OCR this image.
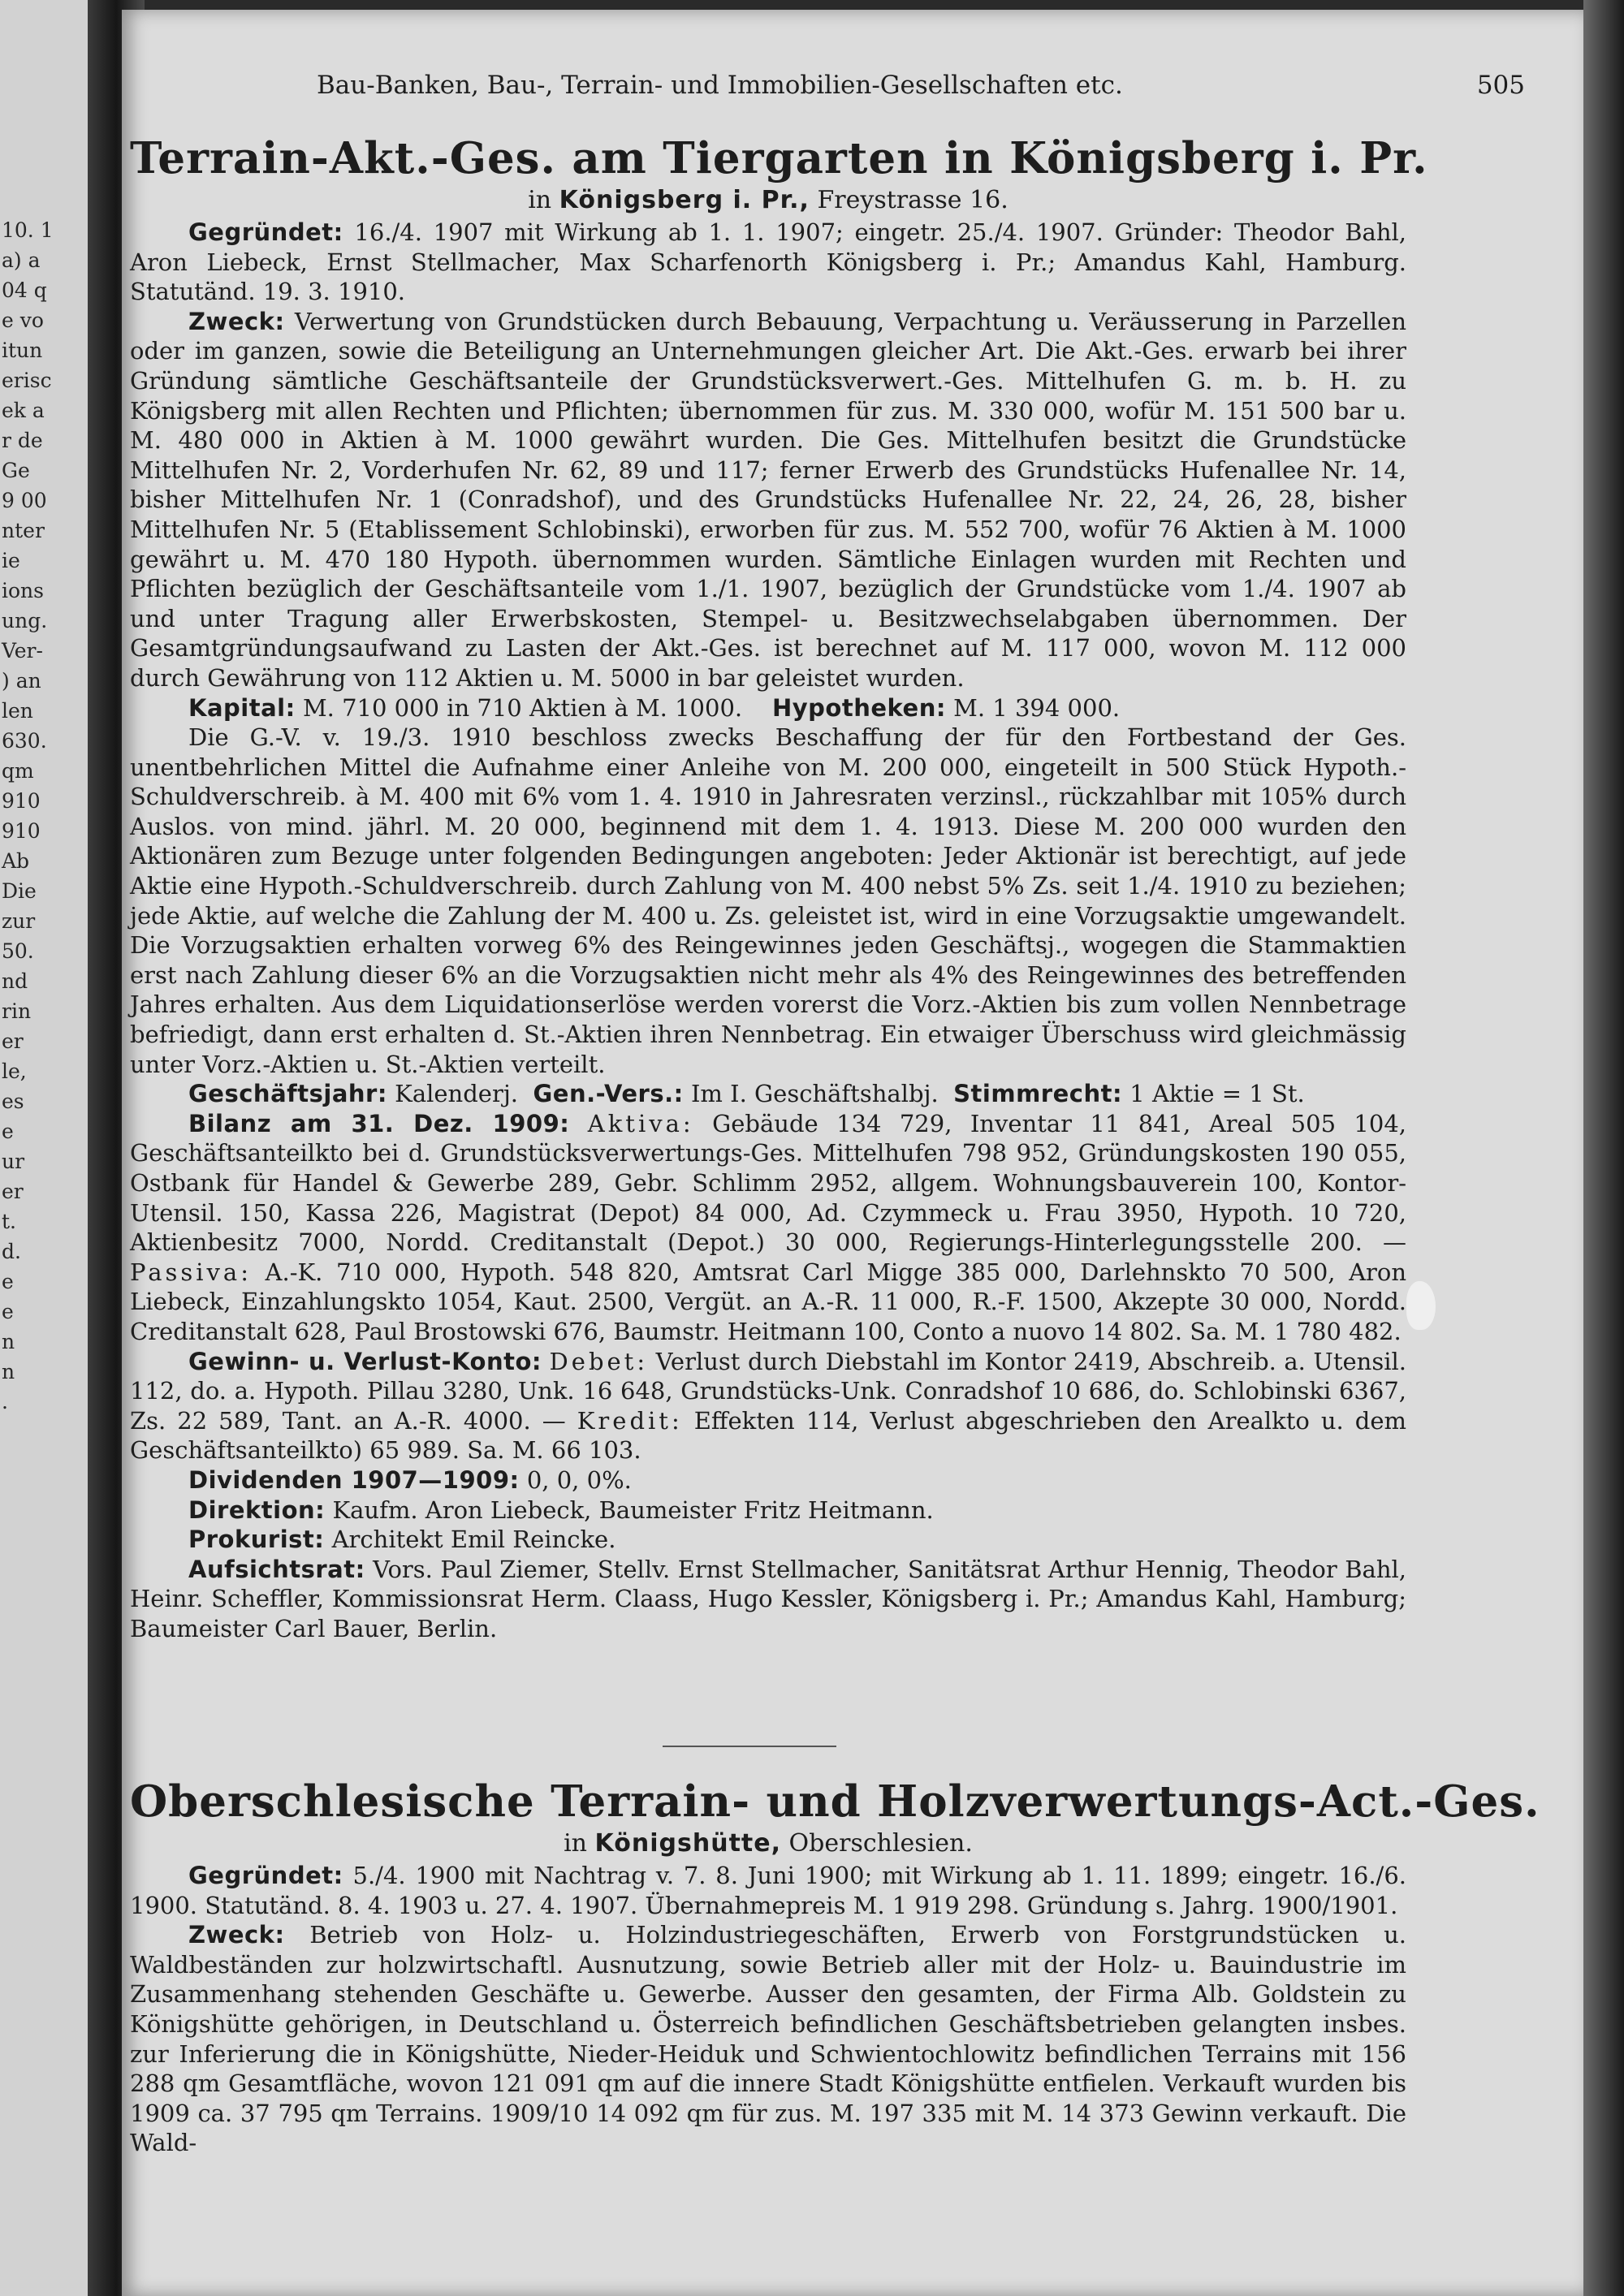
10. 1
a) a
04 q
e vo
itun
erisc
ek a
r de
Ge
9 00
nter
ie
ions
ung.
Ver-
) an
len
630.
qm
910
910
Ab
Die
zur
50.
nd
rin
er
le,
es
e
ur
er
t.
d.
e
e
n
n
.
Bau-Banken, Bau-, Terrain- und Immobilien-Gesellschaften etc.	505
Terrain-Akt.-Ges. am Tiergarten in Königsberg i. Pr.

in Königsberg i. Pr., Freystrasse 16.

Gegründet: 16./4. 1907 mit Wirkung ab 1. 1. 1907; eingetr. 25./4. 1907. Gründer: Theodor Bahl, Aron Liebeck, Ernst Stellmacher, Max Scharfenorth Königsberg i. Pr.; Amandus Kahl, Hamburg. Statutänd. 19. 3. 1910.

Zweck: Verwertung von Grundstücken durch Bebauung, Verpachtung u. Veräusserung in Parzellen oder im ganzen, sowie die Beteiligung an Unternehmungen gleicher Art. Die Akt.-Ges. erwarb bei ihrer Gründung sämtliche Geschäftsanteile der Grundstücksverwert.-Ges. Mittelhufen G. m. b. H. zu Königsberg mit allen Rechten und Pflichten; übernommen für zus. M. 330 000, wofür M. 151 500 bar u. M. 480 000 in Aktien à M. 1000 gewährt wurden. Die Ges. Mittelhufen besitzt die Grundstücke Mittelhufen Nr. 2, Vorderhufen Nr. 62, 89 und 117; ferner Erwerb des Grundstücks Hufenallee Nr. 14, bisher Mittelhufen Nr. 1 (Conradshof), und des Grundstücks Hufenallee Nr. 22, 24, 26, 28, bisher Mittelhufen Nr. 5 (Etablissement Schlobinski), erworben für zus. M. 552 700, wofür 76 Aktien à M. 1000 gewährt u. M. 470 180 Hypoth. übernommen wurden. Sämtliche Einlagen wurden mit Rechten und Pflichten bezüglich der Geschäftsanteile vom 1./1. 1907, bezüglich der Grundstücke vom 1./4. 1907 ab und unter Tragung aller Erwerbskosten, Stempel- u. Besitzwechselabgaben übernommen. Der Gesamtgründungsaufwand zu Lasten der Akt.-Ges. ist berechnet auf M. 117 000, wovon M. 112 000 durch Gewährung von 112 Aktien u. M. 5000 in bar geleistet wurden.

Kapital: M. 710 000 in 710 Aktien à M. 1000. Hypotheken: M. 1 394 000.

Die G.-V. v. 19./3. 1910 beschloss zwecks Beschaffung der für den Fortbestand der Ges. unentbehrlichen Mittel die Aufnahme einer Anleihe von M. 200 000, eingeteilt in 500 Stück Hypoth.-Schuldverschreib. à M. 400 mit 6% vom 1. 4. 1910 in Jahresraten verzinsl., rückzahlbar mit 105% durch Auslos. von mind. jährl. M. 20 000, beginnend mit dem 1. 4. 1913. Diese M. 200 000 wurden den Aktionären zum Bezuge unter folgenden Bedingungen angeboten: Jeder Aktionär ist berechtigt, auf jede Aktie eine Hypoth.-Schuldverschreib. durch Zahlung von M. 400 nebst 5% Zs. seit 1./4. 1910 zu beziehen; jede Aktie, auf welche die Zahlung der M. 400 u. Zs. geleistet ist, wird in eine Vorzugsaktie umgewandelt. Die Vorzugsaktien erhalten vorweg 6% des Reingewinnes jeden Geschäftsj., wogegen die Stammaktien erst nach Zahlung dieser 6% an die Vorzugsaktien nicht mehr als 4% des Reingewinnes des betreffenden Jahres erhalten. Aus dem Liquidationserlöse werden vorerst die Vorz.-Aktien bis zum vollen Nennbetrage befriedigt, dann erst erhalten d. St.-Aktien ihren Nennbetrag. Ein etwaiger Überschuss wird gleichmässig unter Vorz.-Aktien u. St.-Aktien verteilt.

Geschäftsjahr: Kalenderj. Gen.-Vers.: Im I. Geschäftshalbj. Stimmrecht: 1 Aktie = 1 St.

Bilanz am 31. Dez. 1909: Aktiva: Gebäude 134 729, Inventar 11 841, Areal 505 104, Geschäftsanteilkto bei d. Grundstücksverwertungs-Ges. Mittelhufen 798 952, Gründungskosten 190 055, Ostbank für Handel & Gewerbe 289, Gebr. Schlimm 2952, allgem. Wohnungsbauverein 100, Kontor-Utensil. 150, Kassa 226, Magistrat (Depot) 84 000, Ad. Czymmeck u. Frau 3950, Hypoth. 10 720, Aktienbesitz 7000, Nordd. Creditanstalt (Depot.) 30 000, Regierungs-Hinterlegungsstelle 200. — Passiva: A.-K. 710 000, Hypoth. 548 820, Amtsrat Carl Migge 385 000, Darlehnskto 70 500, Aron Liebeck, Einzahlungskto 1054, Kaut. 2500, Vergüt. an A.-R. 11 000, R.-F. 1500, Akzepte 30 000, Nordd. Creditanstalt 628, Paul Brostowski 676, Baumstr. Heitmann 100, Conto a nuovo 14 802. Sa. M. 1 780 482.

Gewinn- u. Verlust-Konto: Debet: Verlust durch Diebstahl im Kontor 2419, Abschreib. a. Utensil. 112, do. a. Hypoth. Pillau 3280, Unk. 16 648, Grundstücks-Unk. Conradshof 10 686, do. Schlobinski 6367, Zs. 22 589, Tant. an A.-R. 4000. — Kredit: Effekten 114, Verlust abgeschrieben den Arealkto u. dem Geschäftsanteilkto) 65 989. Sa. M. 66 103.

Dividenden 1907—1909: 0, 0, 0%.

Direktion: Kaufm. Aron Liebeck, Baumeister Fritz Heitmann.

Prokurist: Architekt Emil Reincke.

Aufsichtsrat: Vors. Paul Ziemer, Stellv. Ernst Stellmacher, Sanitätsrat Arthur Hennig, Theodor Bahl, Heinr. Scheffler, Kommissionsrat Herm. Claass, Hugo Kessler, Königsberg i. Pr.; Amandus Kahl, Hamburg; Baumeister Carl Bauer, Berlin.

Oberschlesische Terrain- und Holzverwertungs-Act.-Ges.

in Königshütte, Oberschlesien.

Gegründet: 5./4. 1900 mit Nachtrag v. 7. 8. Juni 1900; mit Wirkung ab 1. 11. 1899; eingetr. 16./6. 1900. Statutänd. 8. 4. 1903 u. 27. 4. 1907. Übernahmepreis M. 1 919 298. Gründung s. Jahrg. 1900/1901.

Zweck: Betrieb von Holz- u. Holzindustriegeschäften, Erwerb von Forstgrundstücken u. Waldbeständen zur holzwirtschaftl. Ausnutzung, sowie Betrieb aller mit der Holz- u. Bauindustrie im Zusammenhang stehenden Geschäfte u. Gewerbe. Ausser den gesamten, der Firma Alb. Goldstein zu Königshütte gehörigen, in Deutschland u. Österreich befindlichen Geschäftsbetrieben gelangten insbes. zur Inferierung die in Königshütte, Nieder-Heiduk und Schwientochlowitz befindlichen Terrains mit 156 288 qm Gesamtfläche, wovon 121 091 qm auf die innere Stadt Königshütte entfielen. Verkauft wurden bis 1909 ca. 37 795 qm Terrains. 1909/10 14 092 qm für zus. M. 197 335 mit M. 14 373 Gewinn verkauft. Die Wald-
